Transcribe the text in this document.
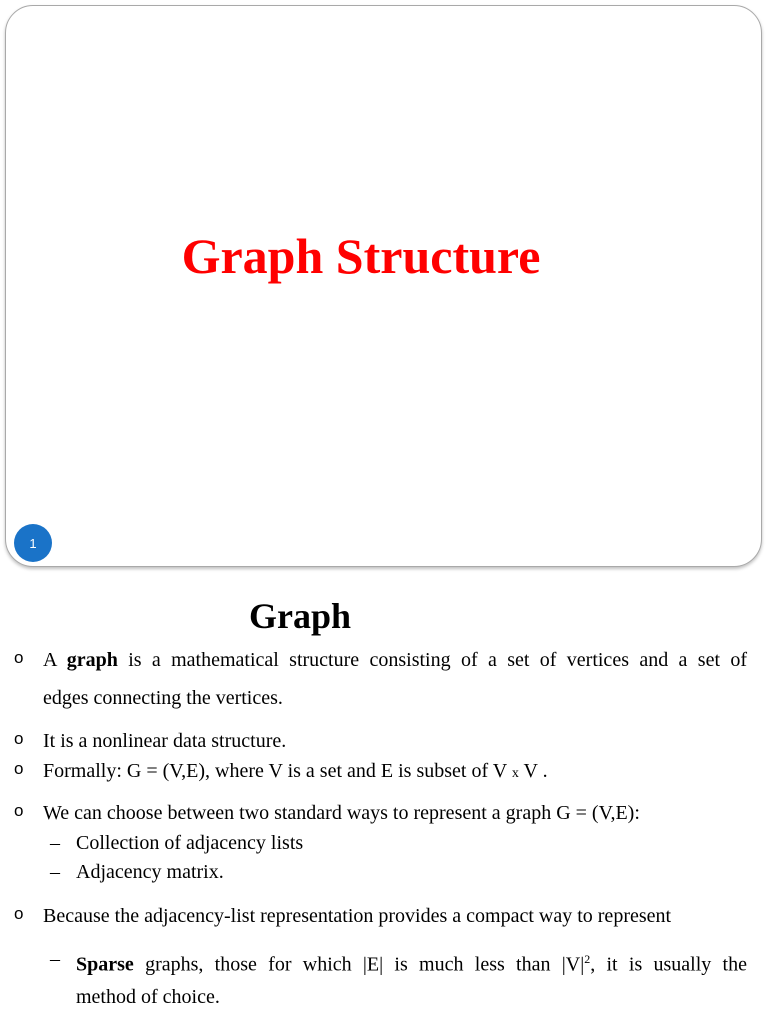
Graph Structure
1
Graph
o A graph is a mathematical structure consisting of a set of vertices and a set of
edges connecting the vertices.
o It is a nonlinear data structure.
o Formally: G = (V,E), where V is a set and E is subset of V x V .
o We can choose between two standard ways to represent a graph G = (V,E):
– Collection of adjacency lists
– Adjacency matrix.
o Because the adjacency-list representation provides a compact way to represent
– Sparse graphs, those for which |E| is much less than $|V|^2$, it is usually the
method of choice.
